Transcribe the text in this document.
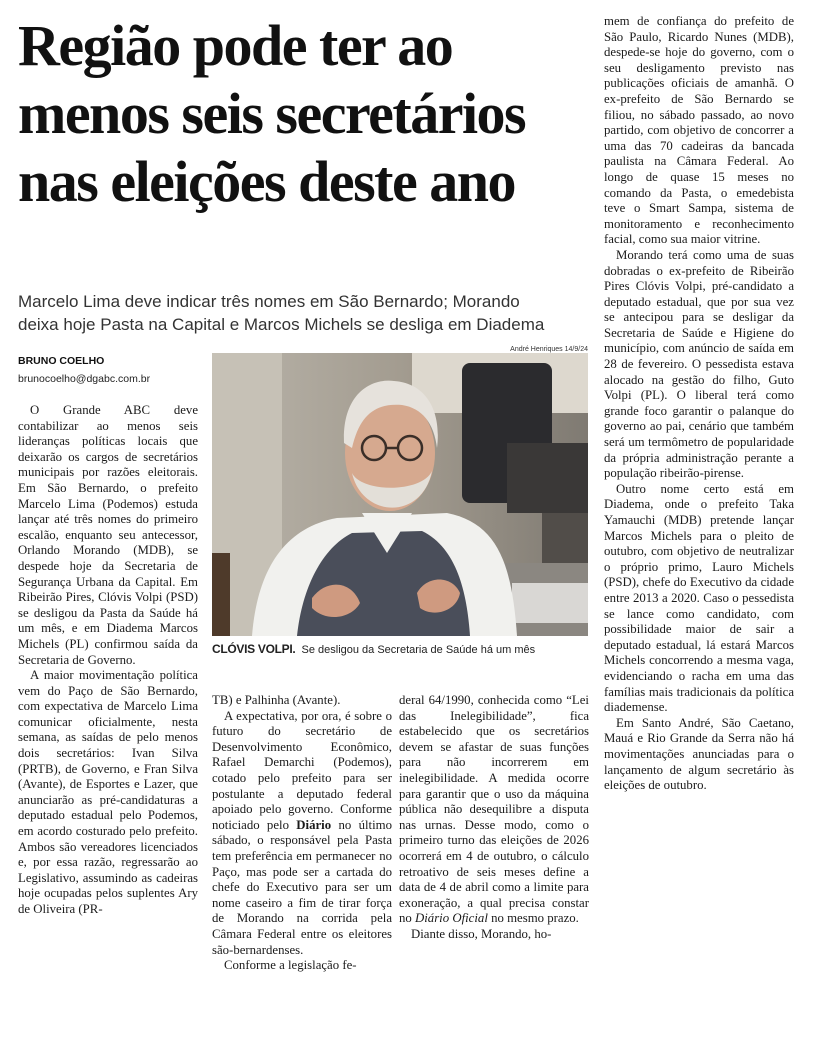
Região pode ter ao
menos seis secretários
nas eleições deste ano
Marcelo Lima deve indicar três nomes em São Bernardo; Morando
deixa hoje Pasta na Capital e Marcos Michels se desliga em Diadema
BRUNO COELHO
brunocoelho@dgabc.com.br
André Henriques 14/9/24
CLÓVIS VOLPI. Se desligou da Secretaria de Saúde há um mês

O Grande ABC deve contabilizar ao menos seis lideranças políticas locais que deixarão os cargos de secretários municipais por razões eleitorais. Em São Bernardo, o prefeito Marcelo Lima (Podemos) estuda lançar até três nomes do primeiro escalão, enquanto seu antecessor, Orlando Morando (MDB), se despede hoje da Secretaria de Segurança Urbana da Capital. Em Ribeirão Pires, Clóvis Volpi (PSD) se desligou da Pasta da Saúde há um mês, e em Diadema Marcos Michels (PL) confirmou saída da Secretaria de Governo.

A maior movimentação política vem do Paço de São Bernardo, com expectativa de Marcelo Lima comunicar oficialmente, nesta semana, as saídas de pelo menos dois secretários: Ivan Silva (PRTB), de Governo, e Fran Silva (Avante), de Esportes e Lazer, que anunciarão as pré-candidaturas a deputado estadual pelo Podemos, em acordo costurado pelo prefeito. Ambos são vereadores licenciados e, por essa razão, regressarão ao Legislativo, assumindo as cadeiras hoje ocupadas pelos suplentes Ary de Oliveira (PR-

TB) e Palhinha (Avante).

A expectativa, por ora, é sobre o futuro do secretário de Desenvolvimento Econômico, Rafael Demarchi (Podemos), cotado pelo prefeito para ser postulante a deputado federal apoiado pelo governo. Conforme noticiado pelo Diário no último sábado, o responsável pela Pasta tem preferência em permanecer no Paço, mas pode ser a cartada do chefe do Executivo para ser um nome caseiro a fim de tirar força de Morando na corrida pela Câmara Federal entre os eleitores são-bernardenses.

Conforme a legislação fe-

deral 64/1990, conhecida como “Lei das Inelegibilidade”, fica estabelecido que os secretários devem se afastar de suas funções para não incorrerem em inelegibilidade. A medida ocorre para garantir que o uso da máquina pública não desequilibre a disputa nas urnas. Desse modo, como o primeiro turno das eleições de 2026 ocorrerá em 4 de outubro, o cálculo retroativo de seis meses define a data de 4 de abril como a limite para exoneração, a qual precisa constar no Diário Oficial no mesmo prazo.

Diante disso, Morando, ho-

mem de confiança do prefeito de São Paulo, Ricardo Nunes (MDB), despede-se hoje do governo, com o seu desligamento previsto nas publicações oficiais de amanhã. O ex-prefeito de São Bernardo se filiou, no sábado passado, ao novo partido, com objetivo de concorrer a uma das 70 cadeiras da bancada paulista na Câmara Federal. Ao longo de quase 15 meses no comando da Pasta, o emedebista teve o Smart Sampa, sistema de monitoramento e reconhecimento facial, como sua maior vitrine.

Morando terá como uma de suas dobradas o ex-prefeito de Ribeirão Pires Clóvis Volpi, pré-candidato a deputado estadual, que por sua vez se antecipou para se desligar da Secretaria de Saúde e Higiene do município, com anúncio de saída em 28 de fevereiro. O pessedista estava alocado na gestão do filho, Guto Volpi (PL). O liberal terá como grande foco garantir o palanque do governo ao pai, cenário que também será um termômetro de popularidade da própria administração perante a população ribeirão-pirense.

Outro nome certo está em Diadema, onde o prefeito Taka Yamauchi (MDB) pretende lançar Marcos Michels para o pleito de outubro, com objetivo de neutralizar o próprio primo, Lauro Michels (PSD), chefe do Executivo da cidade entre 2013 a 2020. Caso o pessedista se lance como candidato, com possibilidade maior de sair a deputado estadual, lá estará Marcos Michels concorrendo a mesma vaga, evidenciando o racha em uma das famílias mais tradicionais da política diademense.

Em Santo André, São Caetano, Mauá e Rio Grande da Serra não há movimentações anunciadas para o lançamento de algum secretário às eleições de outubro.
